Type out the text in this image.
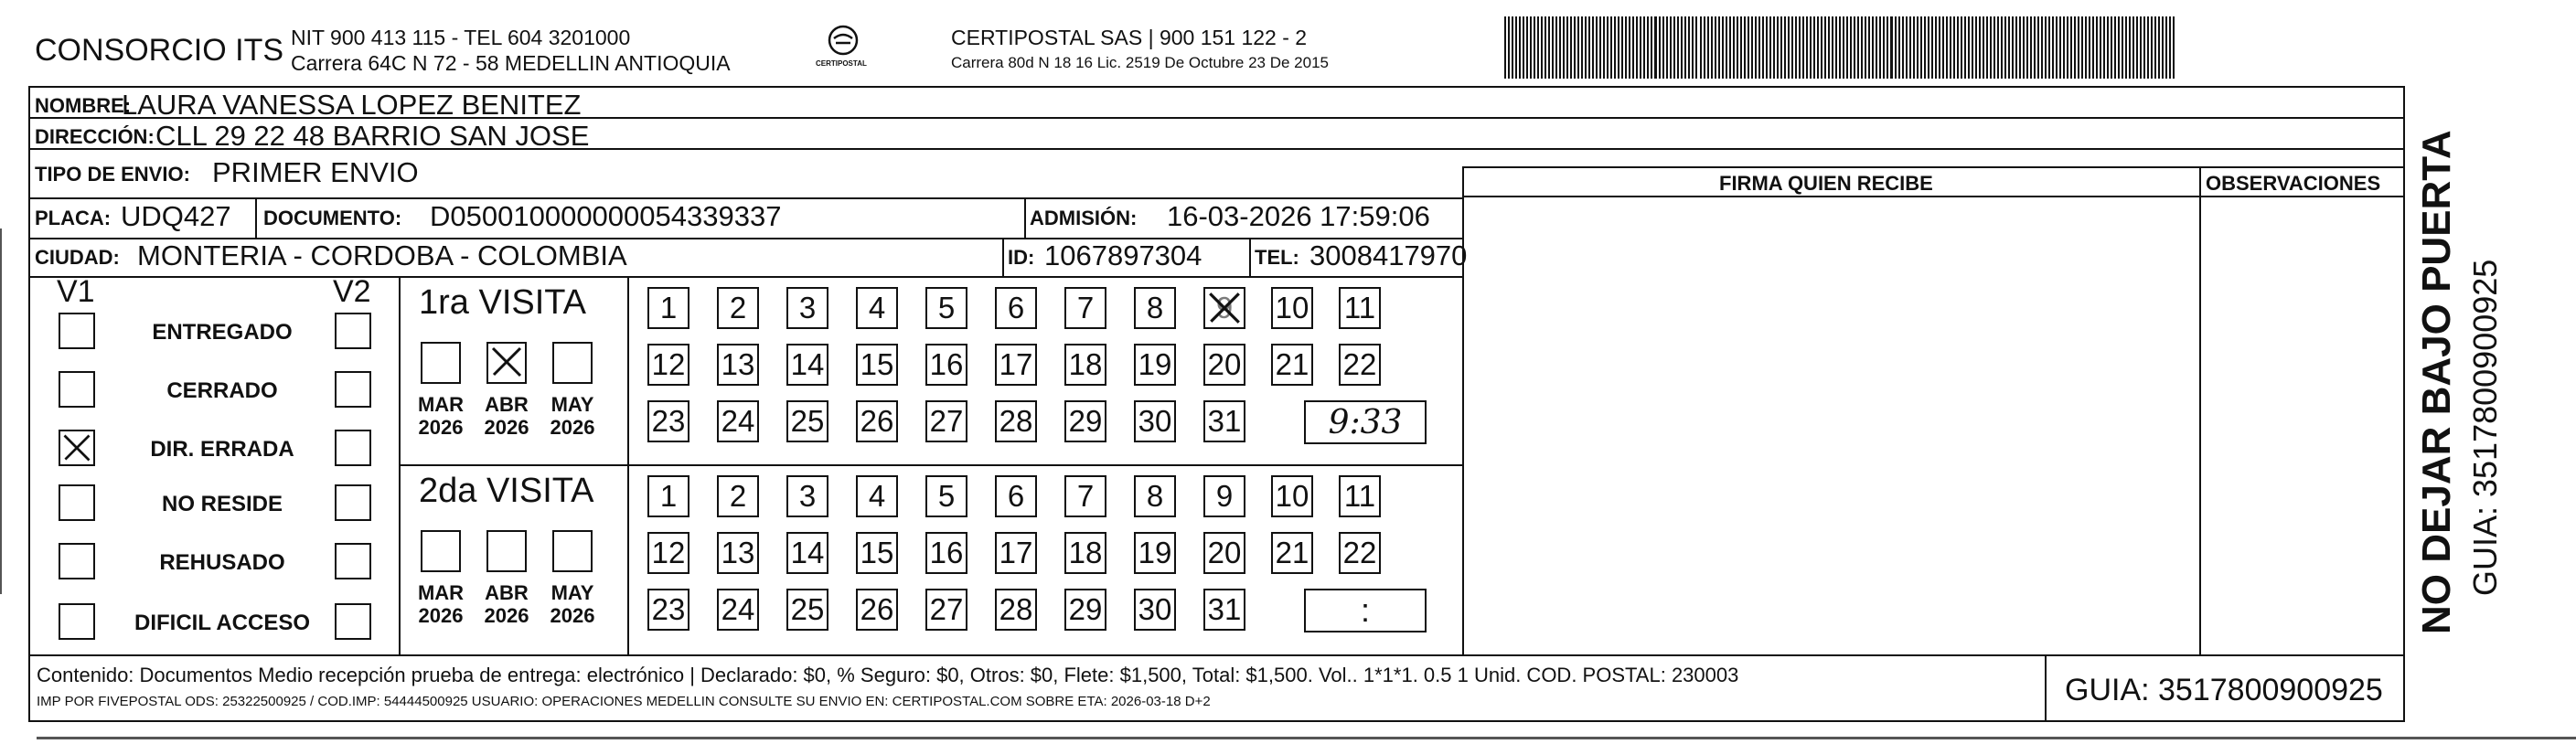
CONSORCIO ITS NIT 900 413 115 - TEL 604 3201000
Carrera 64C N 72 - 58 MEDELLIN ANTIOQUIA	CERTIPOSTAL
CERTIPOSTAL SAS | 900 151 122 - 2
Carrera 80d N 18 16 Lic. 2519 De Octubre 23 De 2015
NOMBRE:
LAURA VANESSA LOPEZ BENITEZ
DIRECCIÓN: CLL 29 22 48 BARRIO SAN JOSE
TIPO DE ENVIO: PRIMER ENVIO
PLACA: UDQ427 DOCUMENTO: D050010000000054339337	ADMISIÓN: 16-03-2026 17:59:06
CIUDAD: MONTERIA - CORDOBA - COLOMBIA	ID: 1067897304	TEL: 3008417970
FIRMA QUIEN RECIBE	OBSERVACIONES
V1	V2
ENTREGADO
CERRADO
DIR. ERRADA
NO RESIDE
REHUSADO
DIFICIL ACCESO
1ra VISITA
2da VISITA
MAR
2026
ABR
2026
MAY
2026
1 2 3 4 5 6 7 8 9 10 11
12 13 14 15 16 17 18 19 20 21 22
23 24 25 26 27 28 29 30 31	9:33
MAR
2026
ABR
2026
MAY
2026
1 2 3 4 5 6 7 8 9 10 11
12 13 14 15 16 17 18 19 20 21 22
23 24 25 26 27 28 29 30 31	:	NO DEJAR BAJO PUERTA GUIA: 3517800900925
Contenido: Documentos Medio recepción prueba de entrega: electrónico | Declarado: $0, % Seguro: $0, Otros: $0, Flete: $1,500, Total: $1,500. Vol.. 1*1*1. 0.5 1 Unid. COD. POSTAL: 230003
IMP POR FIVEPOSTAL ODS: 25322500925 / COD.IMP: 54444500925 USUARIO: OPERACIONES MEDELLIN CONSULTE SU ENVIO EN: CERTIPOSTAL.COM SOBRE ETA: 2026-03-18 D+2	GUIA: 3517800900925
